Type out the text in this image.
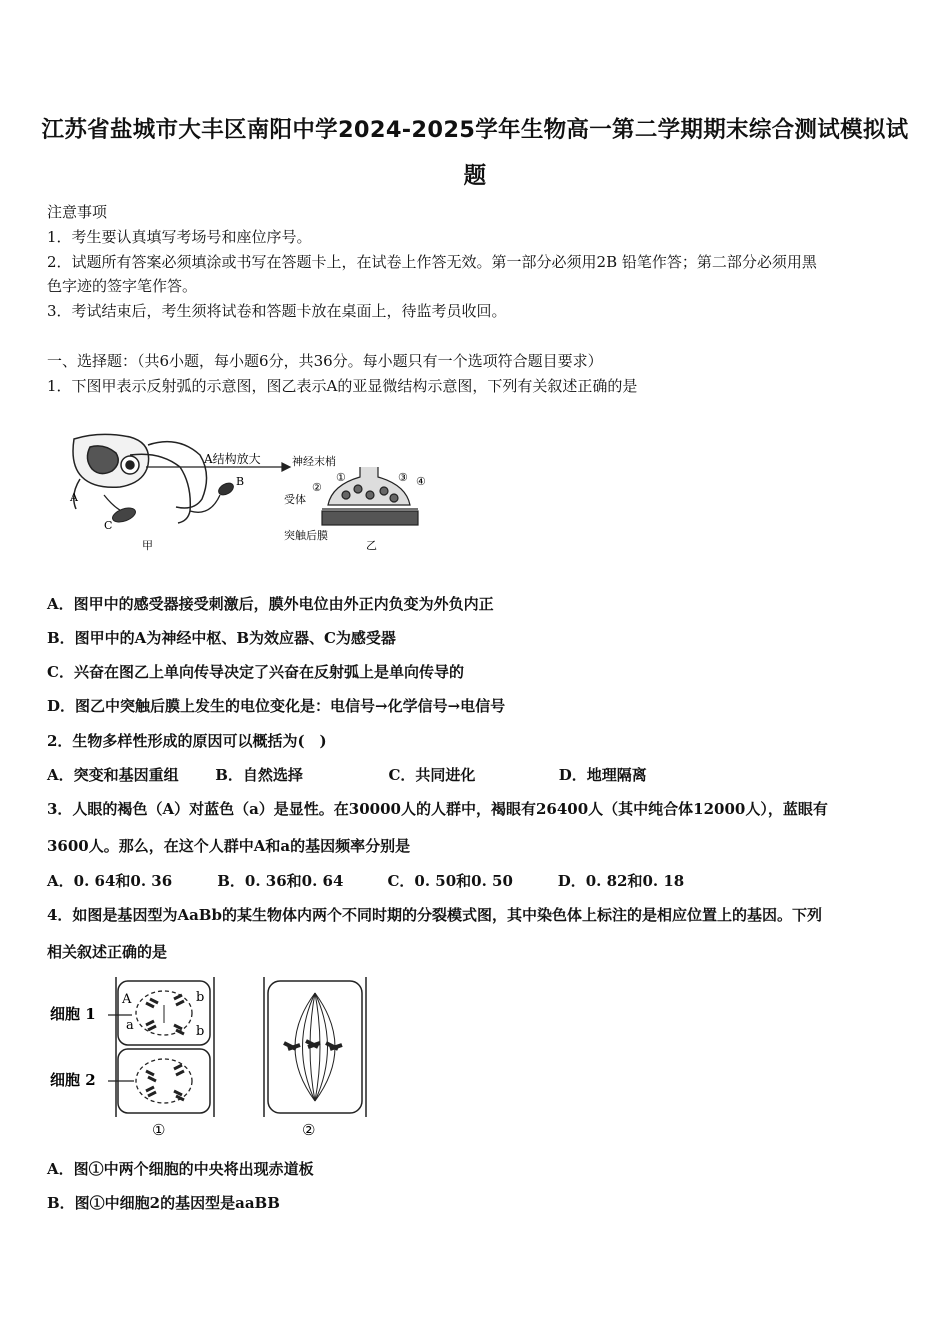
江苏省盐城市大丰区南阳中学2024-2025学年生物高一第二学期期末综合测试模拟试
题
注意事项
1．考生要认真填写考场号和座位序号。
2．试题所有答案必须填涂或书写在答题卡上，在试卷上作答无效。第一部分必须用2B 铅笔作答；第二部分必须用黑
色字迹的签字笔作答。
3．考试结束后，考生须将试卷和答题卡放在桌面上，待监考员收回。
一、选择题：（共6小题，每小题6分，共36分。每小题只有一个选项符合题目要求）
1．下图甲表示反射弧的示意图，图乙表示A的亚显微结构示意图，下列有关叙述正确的是
A
B
C
甲
A结构放大	神经末梢
①
②
③ ④
受体
突触后膜
乙
A．图甲中的感受器接受刺激后，膜外电位由外正内负变为外负内正
B．图甲中的A为神经中枢、B为效应器、C为感受器
C．兴奋在图乙上单向传导决定了兴奋在反射弧上是单向传导的
D．图乙中突触后膜上发生的电位变化是：电信号→化学信号→电信号
2．生物多样性形成的原因可以概括为(　)
A．突变和基因重组 B．自然选择	C．共同进化	D．地理隔离
3．人眼的褐色（A）对蓝色（a）是显性。在30000人的人群中，褐眼有26400人（其中纯合体12000人），蓝眼有
3600人。那么，在这个人群中A和a的基因频率分别是
A．0. 64和0. 36	B．0. 36和0. 64	C．0. 50和0. 50	D．0. 82和0. 18
4．如图是基因型为AaBb的某生物体内两个不同时期的分裂模式图，其中染色体上标注的是相应位置上的基因。下列
相关叙述正确的是
细胞 1
细胞 2
A
a
b
b
①	②
A．图①中两个细胞的中央将出现赤道板
B．图①中细胞2的基因型是aaBB
